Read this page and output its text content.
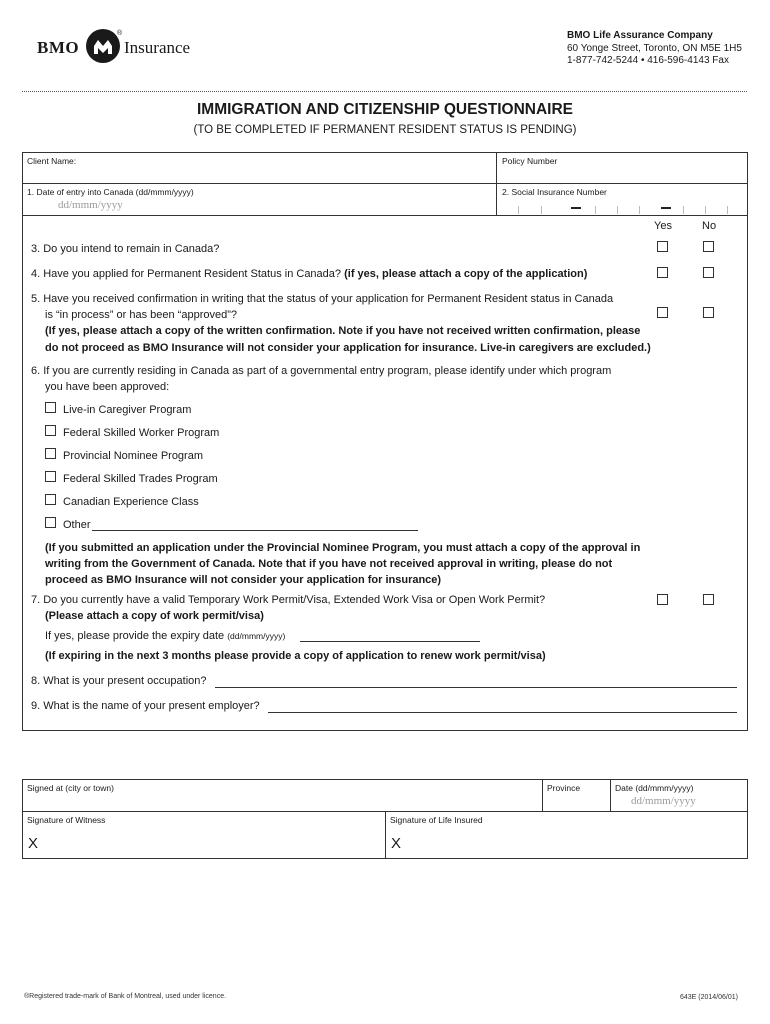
BMO
®
Insurance
BMO Life Assurance Company
60 Yonge Street, Toronto, ON M5E 1H5
1-877-742-5244 • 416-596-4143 Fax
IMMIGRATION AND CITIZENSHIP QUESTIONNAIRE
(TO BE COMPLETED IF PERMANENT RESIDENT STATUS IS PENDING)
Client Name:	Policy Number
1. Date of entry into Canada (dd/mmm/yyyy)
dd/mmm/yyyy
2. Social Insurance Number
Yes	No
3. Do you intend to remain in Canada?
4. Have you applied for Permanent Resident Status in Canada? (if yes, please attach a copy of the application)
5. Have you received confirmation in writing that the status of your application for Permanent Resident status in Canada
is “in process” or has been “approved”?
(If yes, please attach a copy of the written confirmation. Note if you have not received written confirmation, please
do not proceed as BMO Insurance will not consider your application for insurance. Live-in caregivers are excluded.)
6. If you are currently residing in Canada as part of a governmental entry program, please identify under which program
you have been approved:
Live-in Caregiver Program
Federal Skilled Worker Program
Provincial Nominee Program
Federal Skilled Trades Program
Canadian Experience Class
Other
(If you submitted an application under the Provincial Nominee Program, you must attach a copy of the approval in
writing from the Government of Canada. Note that if you have not received approval in writing, please do not
proceed as BMO Insurance will not consider your application for insurance)
7. Do you currently have a valid Temporary Work Permit/Visa, Extended Work Visa or Open Work Permit?
(Please attach a copy of work permit/visa)
If yes, please provide the expiry date (dd/mmm/yyyy)
(If expiring in the next 3 months please provide a copy of application to renew work permit/visa)
8. What is your present occupation?
9. What is the name of your present employer?
Signed at (city or town)	Province	Date (dd/mmm/yyyy)
dd/mmm/yyyy
Signature of Witness
X
Signature of Life Insured
X
®Registered trade-mark of Bank of Montreal, used under licence.	643E (2014/06/01)
